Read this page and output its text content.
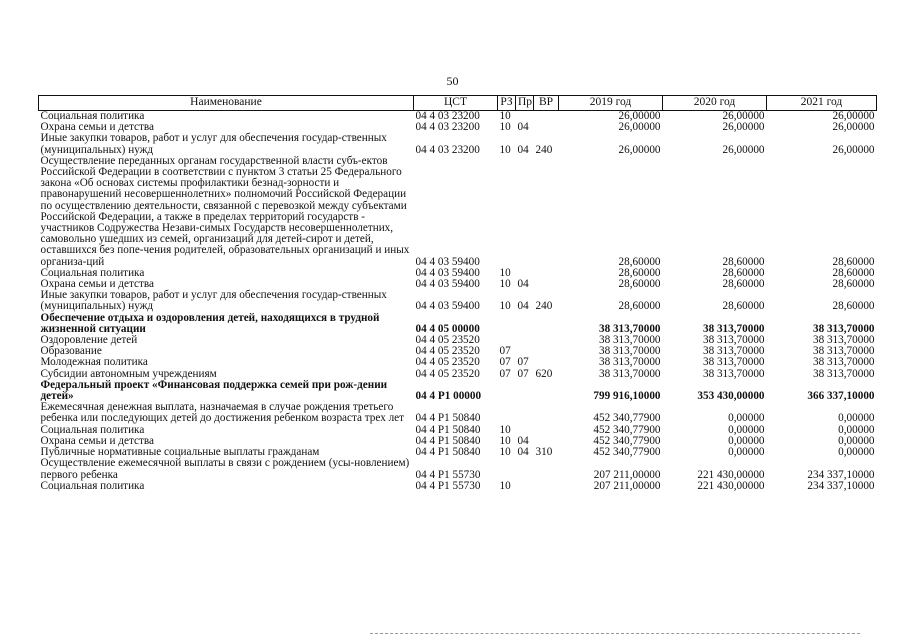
50
Наименование	ЦСТ	РЗ	Пр	ВР	2019 год	2020 год	2021 год
Социальная политика	04 4 03 23200	10			26,00000	26,00000	26,00000
Охрана семьи и детства	04 4 03 23200	10	04		26,00000	26,00000	26,00000
Иные закупки товаров, работ и услуг для обеспечения государ-ственных (муниципальных) нужд	04 4 03 23200	10	04	240	26,00000	26,00000	26,00000
Осуществление переданных органам государственной власти субъ-ектов Российской Федерации в соответствии с пунктом 3 статьи 25 Федерального закона «Об основах системы профилактики безнад-зорности и правонарушений несовершеннолетних» полномочий Российской Федерации по осуществлению деятельности, связанной с перевозкой между субъектами Российской Федерации, а также в пределах территорий государств - участников Содружества Незави-симых Государств несовершеннолетних, самовольно ушедших из семей, организаций для детей-сирот и детей, оставшихся без попе-чения родителей, образовательных организаций и иных организа-ций	04 4 03 59400				28,60000	28,60000	28,60000
Социальная политика	04 4 03 59400	10			28,60000	28,60000	28,60000
Охрана семьи и детства	04 4 03 59400	10	04		28,60000	28,60000	28,60000
Иные закупки товаров, работ и услуг для обеспечения государ-ственных (муниципальных) нужд	04 4 03 59400	10	04	240	28,60000	28,60000	28,60000
Обеспечение отдыха и оздоровления детей, находящихся в трудной жизненной ситуации	04 4 05 00000				38 313,70000	38 313,70000	38 313,70000
Оздоровление детей	04 4 05 23520				38 313,70000	38 313,70000	38 313,70000
Образование	04 4 05 23520	07			38 313,70000	38 313,70000	38 313,70000
Молодежная политика	04 4 05 23520	07	07		38 313,70000	38 313,70000	38 313,70000
Субсидии автономным учреждениям	04 4 05 23520	07	07	620	38 313,70000	38 313,70000	38 313,70000
Федеральный проект «Финансовая поддержка семей при рож-дении детей»	04 4 P1 00000				799 916,10000	353 430,00000	366 337,10000
Ежемесячная денежная выплата, назначаемая в случае рождения третьего ребенка или последующих детей до достижения ребенком возраста трех лет	04 4 P1 50840				452 340,77900	0,00000	0,00000
Социальная политика	04 4 P1 50840	10			452 340,77900	0,00000	0,00000
Охрана семьи и детства	04 4 P1 50840	10	04		452 340,77900	0,00000	0,00000
Публичные нормативные социальные выплаты гражданам	04 4 P1 50840	10	04	310	452 340,77900	0,00000	0,00000
Осуществление ежемесячной выплаты в связи с рождением (усы-новлением) первого ребенка	04 4 P1 55730				207 211,00000	221 430,00000	234 337,10000
Социальная политика	04 4 P1 55730	10			207 211,00000	221 430,00000	234 337,10000
